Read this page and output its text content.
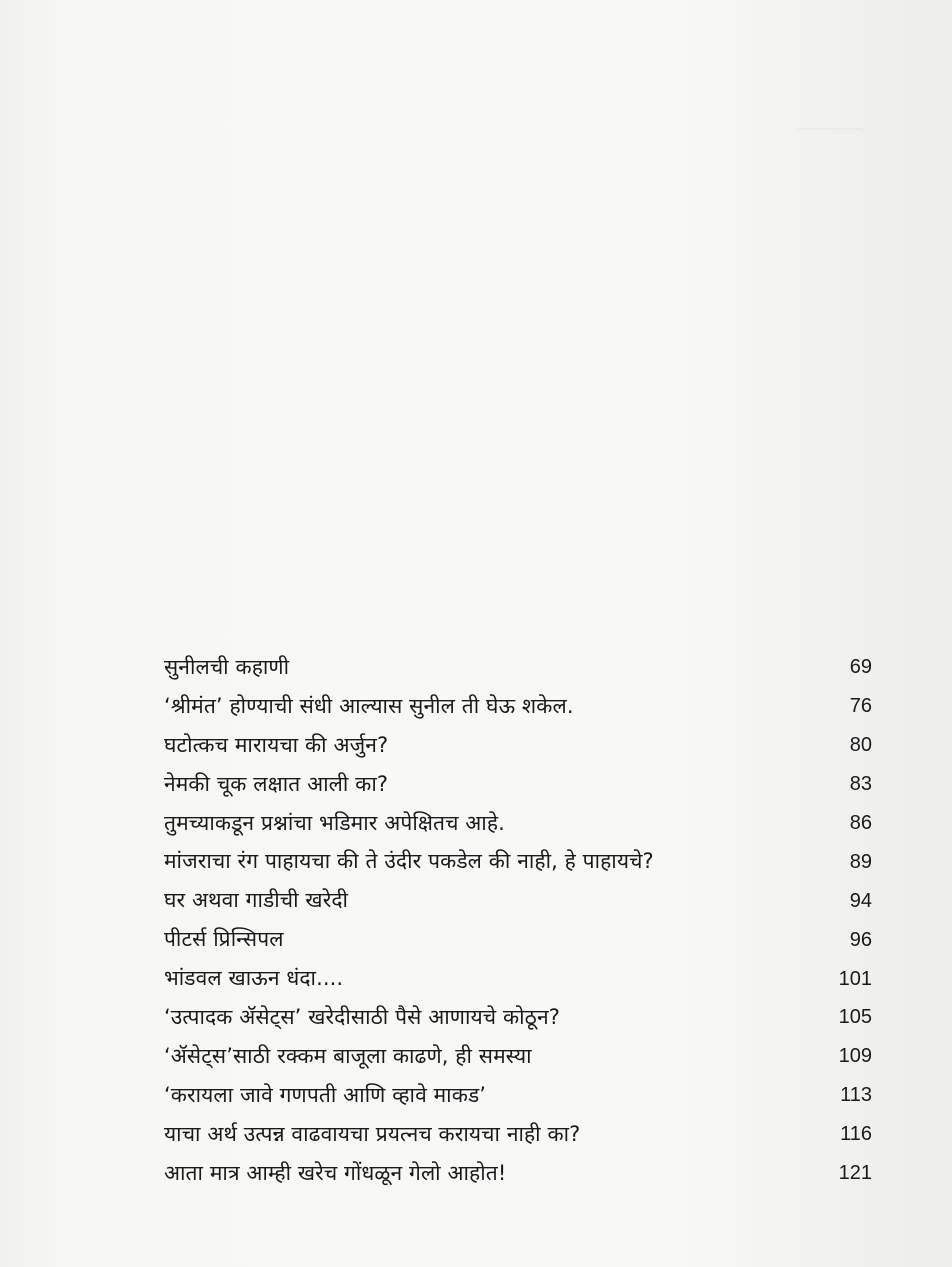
सुनीलची कहाणी	69
‘श्रीमंत’ होण्याची संधी आल्यास सुनील ती घेऊ शकेल.	76
घटोत्कच मारायचा की अर्जुन?	80
नेमकी चूक लक्षात आली का?	83
तुमच्याकडून प्रश्नांचा भडिमार अपेक्षितच आहे.	86
मांजराचा रंग पाहायचा की ते उंदीर पकडेल की नाही, हे पाहायचे?	89
घर अथवा गाडीची खरेदी	94
पीटर्स प्रिन्सिपल	96
भांडवल खाऊन धंदा....	101
‘उत्पादक ॲसेट्स’ खरेदीसाठी पैसे आणायचे कोठून?	105
‘ॲसेट्स’साठी रक्कम बाजूला काढणे, ही समस्या	109
‘करायला जावे गणपती आणि व्हावे माकड’	113
याचा अर्थ उत्पन्न वाढवायचा प्रयत्नच करायचा नाही का?	116
आता मात्र आम्ही खरेच गोंधळून गेलो आहोत!	121
